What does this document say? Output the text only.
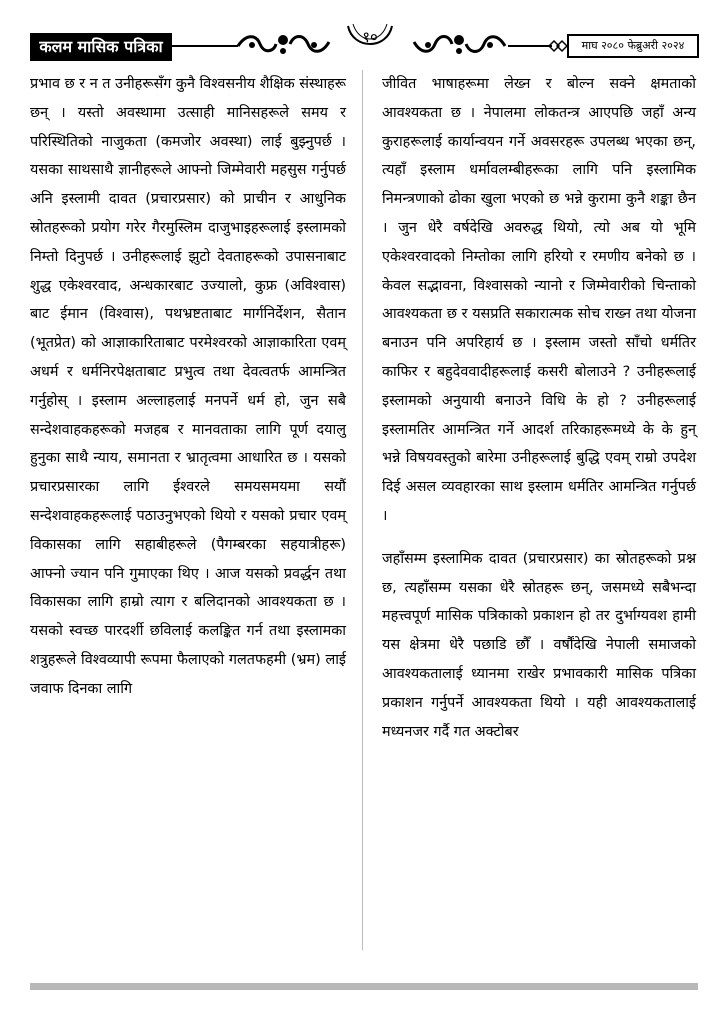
कलम मासिक पत्रिका	१०	माघ २०८० फेब्रुअरी २०२४

प्रभाव छ र न त उनीहरूसँग कुनै विश्वसनीय शैक्षिक संस्थाहरू छन् । यस्तो अवस्थामा उत्साही मानिसहरूले समय र परिस्थितिको नाजुकता (कमजोर अवस्था) लाई बुझ्नुपर्छ । यसका साथसाथै ज्ञानीहरूले आफ्नो जिम्मेवारी महसुस गर्नुपर्छ अनि इस्लामी दावत (प्रचारप्रसार) को प्राचीन र आधुनिक स्रोतहरूको प्रयोग गरेर गैरमुस्लिम दाजुभाइहरूलाई इस्लामको निम्तो दिनुपर्छ । उनीहरूलाई झुटो देवताहरूको उपासनाबाट शुद्ध एकेश्वरवाद, अन्धकारबाट उज्यालो, कुफ्र (अविश्वास) बाट ईमान (विश्वास), पथभ्रष्टताबाट मार्गनिर्देशन, सैतान (भूतप्रेत) को आज्ञाकारिताबाट परमेश्वरको आज्ञाकारिता एवम् अधर्म र धर्मनिरपेक्षताबाट प्रभुत्व तथा देवत्वतर्फ आमन्त्रित गर्नुहोस् । इस्लाम अल्लाहलाई मनपर्ने धर्म हो, जुन सबै सन्देशवाहकहरूको मजहब र मानवताका लागि पूर्ण दयालु हुनुका साथै न्याय, समानता र भ्रातृत्वमा आधारित छ । यसको प्रचारप्रसारका लागि ईश्वरले समयसमयमा सयौं सन्देशवाहकहरूलाई पठाउनुभएको थियो र यसको प्रचार एवम् विकासका लागि सहाबीहरूले (पैगम्बरका सहयात्रीहरू) आफ्नो ज्यान पनि गुमाएका थिए । आज यसको प्रवर्द्धन तथा विकासका लागि हाम्रो त्याग र बलिदानको आवश्यकता छ । यसको स्वच्छ पारदर्शी छविलाई कलङ्कित गर्न तथा इस्लामका शत्रुहरूले विश्वव्यापी रूपमा फैलाएको गलतफहमी (भ्रम) लाई जवाफ दिनका लागि

जीवित भाषाहरूमा लेख्न र बोल्न सक्ने क्षमताको आवश्यकता छ । नेपालमा लोकतन्त्र आएपछि जहाँ अन्य कुराहरूलाई कार्यान्वयन गर्ने अवसरहरू उपलब्ध भएका छन्, त्यहाँ इस्लाम धर्मावलम्बीहरूका लागि पनि इस्लामिक निमन्त्रणाको ढोका खुला भएको छ भन्ने कुरामा कुनै शङ्का छैन । जुन धेरै वर्षदेखि अवरुद्ध थियो, त्यो अब यो भूमि एकेश्वरवादको निम्तोका लागि हरियो र रमणीय बनेको छ । केवल सद्भावना, विश्वासको न्यानो र जिम्मेवारीको चिन्ताको आवश्यकता छ र यसप्रति सकारात्मक सोच राख्न तथा योजना बनाउन पनि अपरिहार्य छ । इस्लाम जस्तो साँचो धर्मतिर काफिर र बहुदेववादीहरूलाई कसरी बोलाउने ? उनीहरूलाई इस्लामको अनुयायी बनाउने विधि के हो ? उनीहरूलाई इस्लामतिर आमन्त्रित गर्ने आदर्श तरिकाहरूमध्ये के के हुन् भन्ने विषयवस्तुको बारेमा उनीहरूलाई बुद्धि एवम् राम्रो उपदेश दिई असल व्यवहारका साथ इस्लाम धर्मतिर आमन्त्रित गर्नुपर्छ ।

जहाँसम्म इस्लामिक दावत (प्रचारप्रसार) का स्रोतहरूको प्रश्न छ, त्यहाँसम्म यसका धेरै स्रोतहरू छन्, जसमध्ये सबैभन्दा महत्त्वपूर्ण मासिक पत्रिकाको प्रकाशन हो तर दुर्भाग्यवश हामी यस क्षेत्रमा धेरै पछाडि छौँ । वर्षौंदेखि नेपाली समाजको आवश्यकतालाई ध्यानमा राखेर प्रभावकारी मासिक पत्रिका प्रकाशन गर्नुपर्ने आवश्यकता थियो । यही आवश्यकतालाई मध्यनजर गर्दै गत अक्टोबर
